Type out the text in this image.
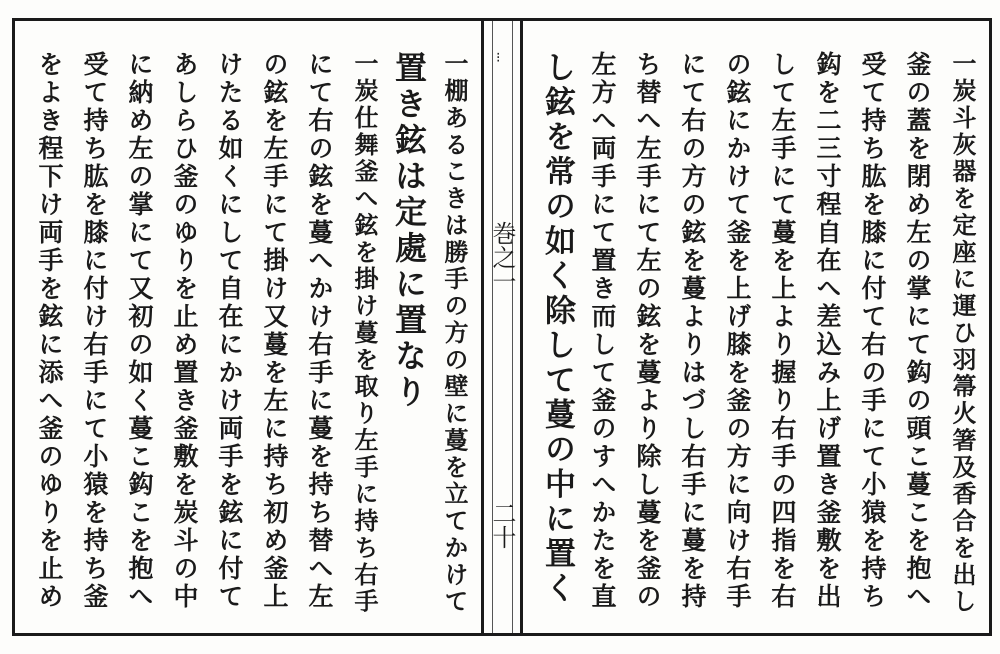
一棚あるこきは勝手の方の壁に蔓を立てかけて
置き鉉は定處に置なり
一炭仕舞釜へ鉉を掛け蔓を取り左手に持ち右手
にて右の鉉を蔓へかけ右手に蔓を持ち替へ左
の鉉を左手にて掛け又蔓を左に持ち初め釜上
けたる如くにして自在にかけ両手を鉉に付て
あしらひ釜のゆりを止め置き釜敷を炭斗の中
に納め左の掌にて又初の如く蔓こ鈎こを抱へ
受て持ち肱を膝に付け右手にて小猿を持ち釜
をよき程下け両手を鉉に添へ釜のゆりを止め	⁝
巻之一
二十	一炭斗灰器を定座に運ひ羽箒火箸及香合を出し
釜の蓋を閉め左の掌にて鈎の頭こ蔓こを抱へ
受て持ち肱を膝に付て右の手にて小猿を持ち
鈎を二三寸程自在へ差込み上げ置き釜敷を出
して左手にて蔓を上より握り右手の四指を右
の鉉にかけて釜を上げ膝を釜の方に向け右手
にて右の方の鉉を蔓よりはづし右手に蔓を持
ち替へ左手にて左の鉉を蔓より除し蔓を釜の
左方へ両手にて置き而して釜のすへかたを直
し鉉を常の如く除して蔓の中に置く
